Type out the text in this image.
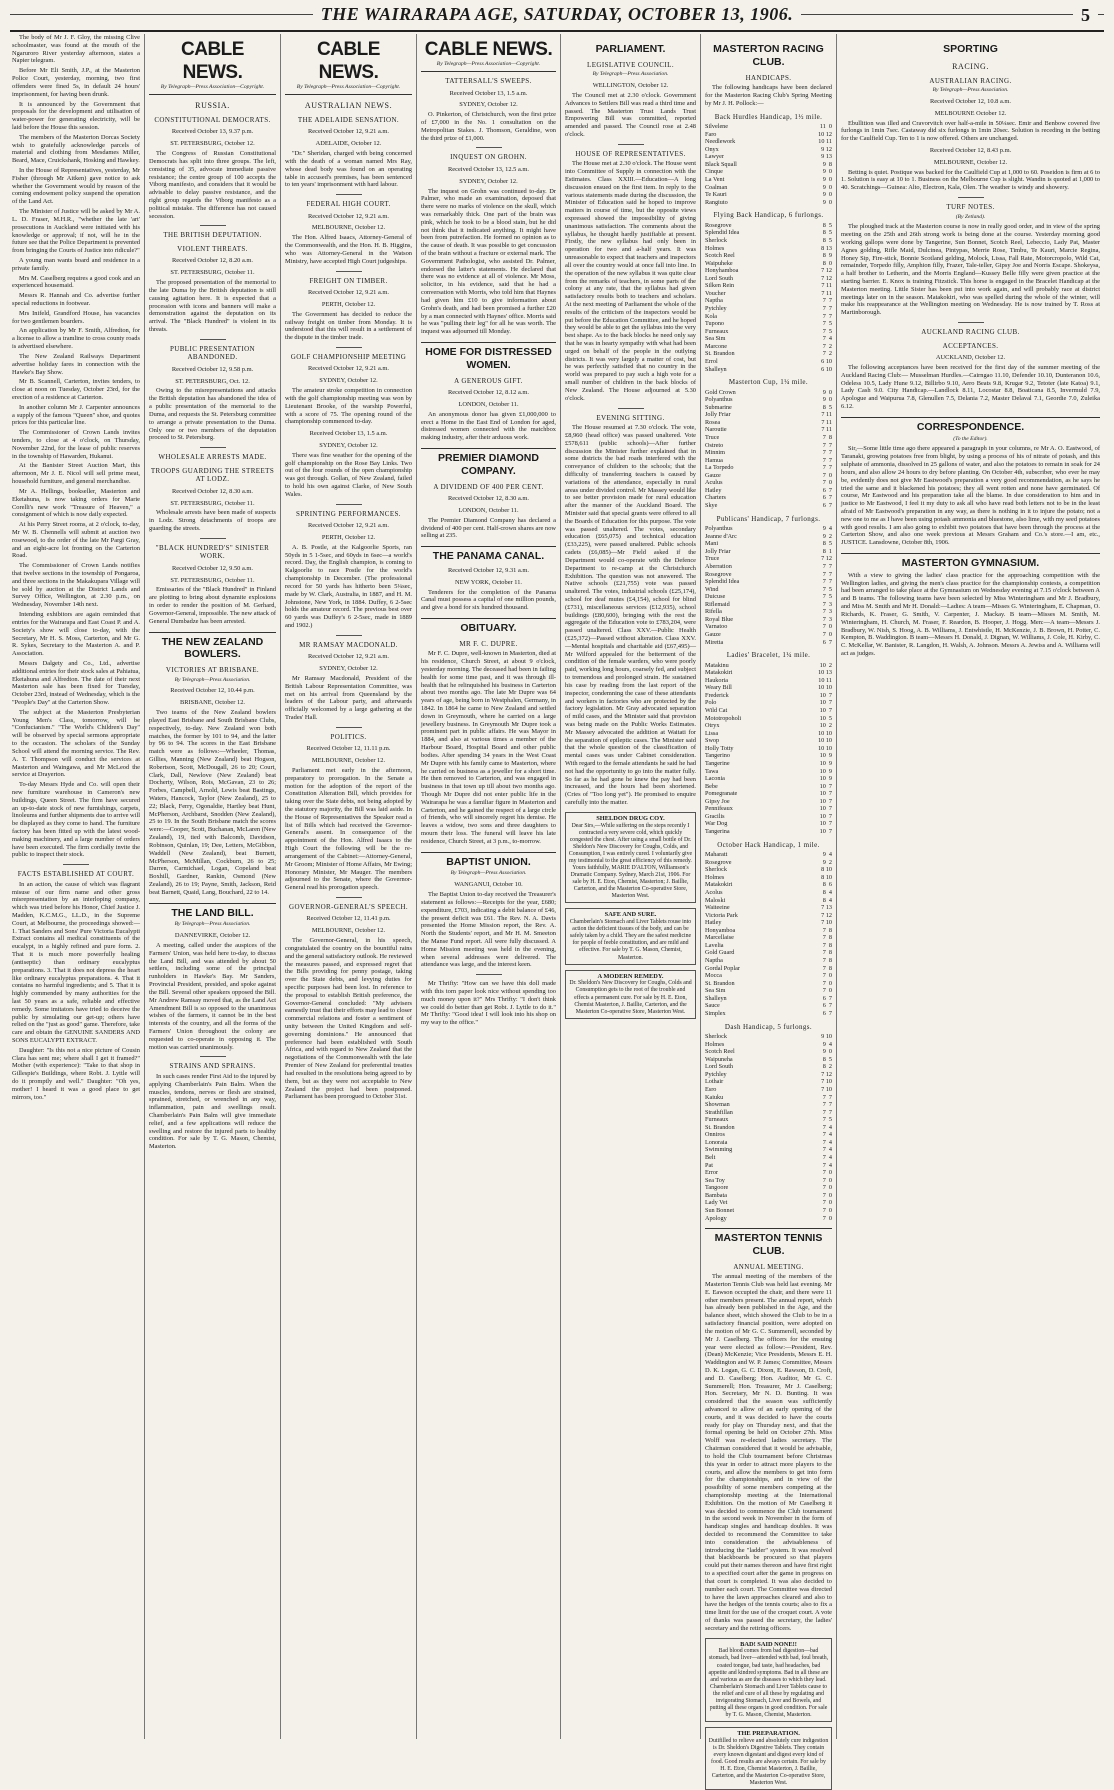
THE WAIRARAPA AGE, SATURDAY, OCTOBER 13, 1906.	5

The body of Mr J. F. Gloy, the missing Clive schoolmaster, was found at the mouth of the Ngaruroro River yesterday afternoon, states a Napier telegram.

Before Mr Eli Smith, J.P., at the Masterton Police Court, yesterday, morning, two first offenders were fined 5s, in default 24 hours' imprisonment, for having been drunk.

It is announced by the Government that proposals for the development and utilisation of water-power for generating electricity, will be laid before the House this session.

The members of the Masterton Dorcas Society wish to gratefully acknowledge parcels of material and clothing from Mesdames Miller, Beard, Mace, Cruickshank, Hosking and Hawkey.

In the House of Representatives, yesterday, Mr Fisher (through Mr Aitken) gave notice to ask whether the Government would by reason of the coming endowment policy suspend the operation of the Land Act.

The Minister of Justice will be asked by Mr A. L. D. Fraser, M.H.R., "whether the late 'art' prosecutions in Auckland were initiated with his knowledge or approval; if not, will he in the future see that the Police Department is prevented from bringing the Courts of Justice into ridicule?"

A young man wants board and residence in a private family.

Mrs M. Caselberg requires a good cook and an experienced housemaid.

Messrs R. Hannah and Co. advertise further special reductions in footwear.

Mrs Inifeld, Grandford House, has vacancies for two gentlemen boarders.

An application by Mr F. Smith, Alfredton, for a license to allow a tramline to cross county roads is advertised elsewhere.

The New Zealand Railways Department advertise holiday fares in connection with the Hawke's Bay Show.

Mr B. Scannell, Carterton, invites tenders, to close at noon on Tuesday, October 23rd, for the erection of a residence at Carterton.

In another column Mr J. Carpenter announces a supply of the famous "Queen" shoe, and quotes prices for this particular line.

The Commissioner of Crown Lands invites tenders, to close at 4 o'clock, on Thursday, November 22nd, for the lease of public reserves in the township of Hawarden, Hukanui.

At the Banister Street Auction Mart, this afternoon, Mr J. E. Nicol will sell prime meat, household furniture, and general merchandise.

Mr A. Hellings, bookseller, Masterton and Eketahuna, is now taking orders for Marie Corelli's new work "Treasure of Heaven," a consignment of which is now daily expected.

At his Perry Street rooms, at 2 o'clock, to-day, Mr W. B. Chennells will submit at auction two rosewood, to the order of the late Mr Pargi Gray, and an eight-acre lot fronting on the Carterton Road.

The Commissioner of Crown Lands notifies that twelve sections in the township of Pongaroa, and three sections in the Makakupara Village will be sold by auction at the District Lands and Survey Office, Wellington, at 2.30 p.m., on Wednesday, November 14th next.

Intending exhibitors are again reminded that entries for the Wairarapa and East Coast P. and A. Society's show will close to-day, with the Secretary, Mr H. S. Moss, Carterton, and Mr G. R. Sykes, Secretary to the Masterton A. and P. Association.

Messrs Dalgety and Co., Ltd., advertise additional entries for their stock sales at Pahiatua, Eketahuna and Alfredton. The date of their next Masterton sale has been fixed for Tuesday, October 23rd, instead of Wednesday, which is the "People's Day" at the Carterton Show.

The subject at the Masterton Presbyterian Young Men's Class, tomorrow, will be "Confucianism." "The World's Children's Day" will be observed by special sermons appropriate to the occasion. The scholars of the Sunday School will attend the morning service. The Rev. A. T. Thompson will conduct the services at Masterton and Waingawa, and Mr McLeod the service at Drayerton.

To-day Messrs Hyde and Co. will open their new furniture warehouse in Cameron's new buildings, Queen Street. The firm have secured an up-to-date stock of new furnishings, carpets, linoleums and further shipments due to arrive will be displayed as they come to hand. The furniture factory has been fitted up with the latest wood-making machinery, and a large number of orders have been executed. The firm cordially invite the public to inspect their stock.

FACTS ESTABLISHED AT COURT.

In an action, the cause of which was flagrant misuse of our firm name and other gross misrepresentation by an interloping company, which was tried before his Honor, Chief Justice J. Madden, K.C.M.G., LL.D., in the Supreme Court, at Melbourne, the proceedings showed:— 1. That Sanders and Sons' Pure Victoria Eucalypti Extract contains all medical constituents of the eucalypt, in a highly refined and pure form. 2. That it is much more powerfully healing (antiseptic) than ordinary eucalyptus preparations. 3. That it does not depress the heart like ordinary eucalyptus preparations. 4. That it contains no harmful ingredients; and 5. That it is highly commended by many authorities for the last 50 years as a safe, reliable and effective remedy. Some imitators have tried to deceive the public by simulating our get-up; others have relied on the "just as good" game. Therefore, take care and obtain the GENUINE SANDERS AND SONS EUCALYPTI EXTRACT.

Daughter: "Is this not a nice picture of Cousin Clara has sent me; where shall I get it framed?" Mother (with experience): "Take to that shop in Gillespie's Buildings, where Robt. J. Lyttle will do it promptly and well." Daughter: "Oh yes, mother! I heard it was a good place to get mirrors, too."

CABLE NEWS.
By Telegraph—Press Association—Copyright.
RUSSIA.
CONSTITUTIONAL DEMOCRATS.
Received October 13, 9.37 p.m.
ST. PETERSBURG, October 12.

The Congress of Russian Constitutional Democrats has split into three groups. The left, consisting of 35, advocate immediate passive resistance; the centre group of 100 accepts the Viborg manifesto, and considers that it would be advisable to delay passive resistance, and the right group regards the Viborg manifesto as a political mistake. The difference has not caused secession.

THE BRITISH DEPUTATION.
VIOLENT THREATS.
Received October 12, 8.20 a.m.
ST. PETERSBURG, October 11.

The proposed presentation of the memorial to the late Duma by the British deputation is still causing agitation here. It is expected that a procession with icons and banners will make a demonstration against the deputation on its arrival. The "Black Hundred" is violent in its threats.

PUBLIC PRESENTATION ABANDONED.
Received October 12, 9.58 p.m.
ST. PETERSBURG, Oct. 12.

Owing to the misrepresentations and attacks the British deputation has abandoned the idea of a public presentation of the memorial to the Duma, and requests the St. Petersburg committee to arrange a private presentation to the Duma. Only one or two members of the deputation proceed to St. Petersburg.

WHOLESALE ARRESTS MADE.
TROOPS GUARDING THE STREETS AT LODZ.
Received October 12, 8.30 a.m.
ST. PETERSBURG, October 11.

Wholesale arrests have been made of suspects in Lodz. Strong detachments of troops are guarding the streets.

"BLACK HUNDRED'S" SINISTER WORK.
Received October 12, 9.50 a.m.
ST. PETERSBURG, October 11.

Emissaries of the "Black Hundred" in Finland are plotting to bring about dynamite explosions in order to render the position of M. Gerhard, Governor-General, impossible. The new attack of General Dumbadze has been arrested.

THE NEW ZEALAND BOWLERS.
VICTORIES AT BRISBANE.
By Telegraph—Press Association.
Received October 12, 10.44 p.m.
BRISBANE, October 12.

Two teams of the New Zealand bowlers played East Brisbane and South Brisbane Clubs, respectively, to-day. New Zealand won both matches, the former by 101 to 94, and the latter by 96 to 94. The scores in the East Brisbane match were as follows:—Wheeler, Thomas, Gillies, Manning (New Zealand) beat Hogson, Robertson, Scott, McDougall, 26 to 20; Court, Clark, Dall, Newlove (New Zealand) beat Docherty, Wilson, Rois, McGavan, 23 to 26; Forbes, Campbell, Arnold, Lewis beat Bastings, Waters, Hancock, Taylor (New Zealand), 25 to 22; Black, Ferry, Ogonaldie, Hartley beat Hunt, McPherson, Archbarst, Snodden (New Zealand), 25 to 19. In the South Brisbane match the scores were:—Cooper, Scott, Buchanan, McLaren (New Zealand), 19, tied with Balcomb, Davidson, Robinson, Quinlan, 19; Dee, Letters, McGibbon, Waddell (New Zealand), beat Burnett, McPherson, McMillan, Cockburn, 26 to 25; Darren, Carmichael, Logan, Copeland beat Boxhill, Gardner, Rankin, Osmond (New Zealand), 26 to 19; Payne, Smith, Jackson, Reid beat Barnett, Quaid, Lang, Bouchard, 22 to 14.

THE LAND BILL.
By Telegraph—Press Association.
DANNEVIRKE, October 12.

A meeting, called under the auspices of the Farmers' Union, was held here to-day, to discuss the Land Bill, and was attended by about 50 settlers, including some of the principal runholders in Hawke's Bay. Mr Sanders, Provincial President, presided, and spoke against the Bill. Several other speakers opposed the Bill. Mr Andrew Ramsay moved that, as the Land Act Amendment Bill is so opposed to the unanimous wishes of the farmers, it cannot be in the best interests of the country, and all the forms of the Farmers' Union throughout the colony are requested to co-operate in opposing it. The motion was carried unanimously.

STRAINS AND SPRAINS.

In such cases render First Aid to the injured by applying Chamberlain's Pain Balm. When the muscles, tendons, nerves or flesh are strained, sprained, stretched, or wrenched in any way, inflammation, pain and swellings result. Chamberlain's Pain Balm will give immediate relief, and a few applications will reduce the swelling and restore the injured parts to healthy condition. For sale by T. G. Mason, Chemist, Masterton.

CABLE NEWS.
By Telegraph—Press Association—Copyright.
AUSTRALIAN NEWS.
THE ADELAIDE SENSATION.
Received October 12, 9.21 a.m.
ADELAIDE, October 12.

"Dr." Sheridan, charged with being concerned with the death of a woman named Mrs Ray, whose dead body was found on an operating table in accused's premises, has been sentenced to ten years' imprisonment with hard labour.

FEDERAL HIGH COURT.
Received October 12, 9.21 a.m.
MELBOURNE, October 12.

The Hon. Alfred Isaacs, Attorney-General of the Commonwealth, and the Hon. H. B. Higgins, who was Attorney-General in the Watson Ministry, have accepted High Court judgeships.

FREIGHT ON TIMBER.
Received October 12, 9.21 a.m.
PERTH, October 12.

The Government has decided to reduce the railway freight on timber from Monday. It is understood that this will result in a settlement of the dispute in the timber trade.

GOLF CHAMPIONSHIP MEETING
Received October 12, 9.21 a.m.
SYDNEY, October 12.

The amateur stroke competition in connection with the golf championship meeting was won by Lieutenant Brooke, of the warship Powerful, with a score of 75. The opening round of the championship commenced to-day.

Received October 13, 1.5 a.m.
SYDNEY, October 12.

There was fine weather for the opening of the golf championship on the Rose Bay Links. Two out of the four rounds of the open championship was got through. Gollan, of New Zealand, failed to hold his own against Clarke, of New South Wales.

SPRINTING PERFORMANCES.
Received October 12, 9.21 a.m.
PERTH, October 12.

A. B. Postle, at the Kalgoorlie Sports, ran 50yds in 5 1-5sec, and 60yds in 6sec—a world's record. Day, the English champion, is coming to Kalgoorlie to race Postle for the world's championship in December. (The professional record for 50 yards has hitherto been 5¼sec, made by W. Clark, Australia, in 1887, and H. M. Johnstone, New York, in 1884. Duffey, 6 2-5sec holds the amateur record. The previous best over 60 yards was Duffey's 6 2-5sec, made in 1889 and 1902.)

MR RAMSAY MACDONALD.
Received October 12, 9.21 a.m.
SYDNEY, October 12.

Mr Ramsay Macdonald, President of the British Labour Representation Committee, was met on his arrival from Queensland by the leaders of the Labour party, and afterwards officially welcomed by a large gathering at the Trades' Hall.

POLITICS.
Received October 12, 11.11 p.m.
MELBOURNE, October 12.

Parliament met early in the afternoon, preparatory to prorogation. In the Senate a motion for the adoption of the report of the Constitution Alteration Bill, which provides for taking over the State debts, not being adopted by the statutory majority, the Bill was laid aside. In the House of Representatives the Speaker read a list of Bills which had received the Governor-General's assent. In consequence of the appointment of the Hon. Alfred Isaacs to the High Court the following will be the re-arrangement of the Cabinet:—Attorney-General, Mr Groom; Minister of Home Affairs, Mr Ewing; Honorary Minister, Mr Mauger. The members adjourned to the Senate, where the Governor-General read his prorogation speech.

GOVERNOR-GENERAL'S SPEECH.
Received October 12, 11.41 p.m.
MELBOURNE, October 12.

The Governor-General, in his speech, congratulated the country on the bountiful rains and the general satisfactory outlook. He reviewed the measures passed, and expressed regret that the Bills providing for penny postage, taking over the State debts, and levying duties for specific purposes had been lost. In reference to the proposal to establish British preference, the Governor-General concluded: "My advisers earnestly trust that their efforts may lead to closer commercial relations and foster a sentiment of unity between the United Kingdom and self-governing dominions." He announced that preference had been established with South Africa, and with regard to New Zealand that the negotiations of the Commonwealth with the late Premier of New Zealand for preferential treaties had resulted in the resolutions being agreed to by them, but as they were not acceptable to New Zealand the project had been postponed. Parliament has been prorogued to October 31st.

CABLE NEWS.
By Telegraph—Press Association—Copyright.
TATTERSALL'S SWEEPS.
Received October 13, 1.5 a.m.
SYDNEY, October 12.

O. Pinkerton, of Christchurch, won the first prize of £7,000 in the No. 1 consultation on the Metropolitan Stakes. J. Thomson, Geraldine, won the third prize of £1,000.

INQUEST ON GROHN.
Received October 13, 12.5 a.m.
SYDNEY, October 12.

The inquest on Grohn was continued to-day. Dr Palmer, who made an examination, deposed that there were no marks of violence on the skull, which was remarkably thick. One part of the brain was pink, which he took to be a blood stain, but he did not think that it indicated anything. It might have been from putrefaction. He formed no opinion as to the cause of death. It was possible to get concussion of the brain without a fracture or external mark. The Government Pathologist, who assisted Dr. Palmer, endorsed the latter's statements. He declared that there was no evidence at all of violence. Mr Moss, solicitor, in his evidence, said that he had a conversation with Morris, who told him that Haynes had given him £10 to give information about Grohn's death, and had been promised a further £20 by a man connected with Haynes' office. Morris said he was "pulling their leg" for all he was worth. The inquest was adjourned till Monday.

HOME FOR DISTRESSED WOMEN.
A GENEROUS GIFT.
Received October 12, 8.12 a.m.
LONDON, October 11.

An anonymous donor has given £1,000,000 to erect a Home in the East End of London for aged, distressed women connected with the matchbox making industry, after their arduous work.

PREMIER DIAMOND COMPANY.
A DIVIDEND OF 400 PER CENT.
Received October 12, 8.30 a.m.
LONDON, October 11.

The Premier Diamond Company has declared a dividend of 400 per cent. Half-crown shares are now selling at 235.

THE PANAMA CANAL.
Received October 12, 9.31 a.m.
NEW YORK, October 11.

Tenderers for the completion of the Panama Canal must possess a capital of one million pounds, and give a bond for six hundred thousand.

OBITUARY.
MR F. C. DUPRE.

Mr F. C. Dupre, well-known in Masterton, died at his residence, Church Street, at about 9 o'clock, yesterday morning. The deceased had been in failing health for some time past, and it was through ill-health that he relinquished his business in Carterton about two months ago. The late Mr Dupre was 64 years of age, being born in Westphalen, Germany, in 1842. In 1864 he came to New Zealand and settled down in Greymouth, where he carried on a large jewellery business. In Greymouth Mr Dupre took a prominent part in public affairs. He was Mayor in 1884, and also at various times a member of the Harbour Board, Hospital Board and other public bodies. After spending 34 years in the West Coast Mr Dupre with his family came to Masterton, where he carried on business as a jeweller for a short time. He then removed to Carterton, and was engaged in business in that town up till about two months ago. Though Mr Dupre did not enter public life in the Wairarapa he was a familiar figure in Masterton and Carterton, and he gained the respect of a large circle of friends, who will sincerely regret his demise. He leaves a widow, two sons and three daughters to mourn their loss. The funeral will leave his late residence, Church Street, at 3 p.m., to-morrow.

BAPTIST UNION.
By Telegraph—Press Association.
WANGANUI, October 10.

The Baptist Union to-day received the Treasurer's statement as follows:—Receipts for the year, £680; expenditure, £703, indicating a debit balance of £46, the present deficit was £61. The Rev. N. A. Davis presented the Home Mission report, the Rev. A. North the Students' report, and Mr H. M. Smeeton the Manse Fund report. All were fully discussed. A Home Mission meeting was held in the evening, when several addresses were delivered. The attendance was large, and the interest keen.

Mr Thrifty: "How can we have this doll made with this torn paper look nice without spending too much money upon it?" Mrs Thrifty: "I don't think we could do better than get Robt. J. Lyttle to do it." Mr Thrifty: "Good idea! I will look into his shop on my way to the office."

PARLIAMENT.
LEGISLATIVE COUNCIL.
By Telegraph—Press Association.
WELLINGTON, October 12.

The Council met at 2.30 o'clock. Government Advances to Settlers Bill was read a third time and passed. The Masterton Trust Lands Trust Empowering Bill was committed, reported amended and passed. The Council rose at 2.48 o'clock.

HOUSE OF REPRESENTATIVES.

The House met at 2.30 o'clock. The House went into Committee of Supply in connection with the Estimates. Class XXIII.—Education—A long discussion ensued on the first item. In reply to the various statements made during the discussion, the Minister of Education said he hoped to improve matters in course of time, but the opposite views expressed showed the impossibility of giving unanimous satisfaction. The comments about the syllabus, he thought hardly justifiable at present. Firstly, the new syllabus had only been in operation for two and a-half years. It was unreasonable to expect that teachers and inspectors all over the country would at once fall into line. In the operation of the new syllabus it was quite clear from the remarks of teachers, in some parts of the colony at any rate, that the syllabus had given satisfactory results both to teachers and scholars. At the next meeting of Parliament the whole of the results of the criticism of the inspectors would be put before the Education Committee, and he hoped they would be able to get the syllabus into the very best shape. As to the back blocks he need only say that he was in hearty sympathy with what had been urged on behalf of the people in the outlying districts. It was very largely a matter of cost, but he was perfectly satisfied that no country in the world was prepared to pay such a high vote for a small number of children in the back blocks of New Zealand. The House adjourned at 5.30 o'clock.

EVENING SITTING.

The House resumed at 7.30 o'clock. The vote, £8,960 (head office) was passed unaltered. Vote £578,611 (public schools)—After further discussion the Minister further explained that in some districts the bad roads interfered with the conveyance of children to the schools; that the difficulty of transferring teachers is caused by variations of the attendance, especially in rural areas under divided control. Mr Massey would like to see better provision made for rural education after the manner of the Auckland Board. The Minister said that special grants were offered to all the Boards of Education for this purpose. The vote was passed unaltered. The votes, secondary education (£65,075) and technical education (£33,225), were passed unaltered. Public schools cadets (£6,085)—Mr Field asked if the Department would co-operate with the Defence Department to re-camp at the Christchurch Exhibition. The question was not answered. The Native schools (£21,755) vote was passed unaltered. The votes, industrial schools (£25,174), school for deaf mutes (£4,154), school for blind (£731), miscellaneous services (£12,935), school buildings (£80,600), bringing with the rest the aggregate of the Education vote to £783,204, were passed unaltered. Class XXV.—Public Health (£25,372)—Passed without alteration. Class XXV.—Mental hospitals and charitable aid (£67,495)—Mr Wilford appealed for the betterment of the condition of the female warders, who were poorly paid, working long hours, coarsely fed, and subject to tremendous and prolonged strain. He sustained his case by reading from the last report of the inspector, condemning the case of these attendants and workers in factories who are protected by the factory legislation. Mr Gray advocated separation of mild cases, and the Minister said that provision was being made on the Public Works Estimates. Mr Massey advocated the addition at Waitati for the separation of epileptic cases. The Minister said that the whole question of the classification of mental cases was under Cabinet consideration. With regard to the female attendants he said he had not had the opportunity to go into the matter fully. So far as he had gone he knew the pay had been increased, and the hours had been shortened. (Cries of "Too long yet"). He promised to enquire carefully into the matter.

SHELDON DRUG COY.
Dear Sirs,—While suffering on the steps recently I contracted a very severe cold, which quickly congested the chest. After using a small bottle of Dr. Sheldon's New Discovery for Coughs, Colds, and Consumption, I was entirely cured. I voluntarily give my testimonial to the great efficiency of this remedy. Yours faithfully, MARIE D'ALTON, Williamson's Dramatic Company. Sydney, March 21st, 1906. For sale by H. E. Eton, Chemist, Masterton; J. Baillie, Carterton, and the Masterton Co-operative Store, Masterton West.
SAFE AND SURE.
Chamberlain's Stomach and Liver Tablets rouse into action the deficient tissues of the body, and can be safely taken by a child. They are the safest medicine for people of feeble constitution, and are mild and effective. For sale by T. G. Mason, Chemist, Masterton.
A MODERN REMEDY.
Dr. Sheldon's New Discovery for Coughs, Colds and Consumption gets to the root of the trouble and effects a permanent cure. For sale by H. E. Eton, Chemist Masterton, J. Baillie, Carterton, and the Masterton Co-operative Store, Masterton West.
MASTERTON RACING CLUB.
HANDICAPS.

The following handicaps have been declared for the Masterton Racing Club's Spring Meeting by Mr J. H. Pollock:—

Back Hurdles Handicap, 1½ mile.
Silvelene	11  0
Faro	10 12
Needlework	10 11
Onyx	9 12
Lawyer	9 13
Black Squall	9  8
Cinque	9  0
La Vent	9  0
Coalman	9  0
Te Kauri	9  0
Rangiuto	9  0
Flying Back Handicap, 6 furlongs.
Rosegrove	8  5
Splendid Idea	8  5
Sherlock	8  5
Holmes	8 13
Scotch Reel	8  9
Waipuheke	8  0
Honyhamboa	7 12
Lord South	7 12
Silken Rein	7 11
Voucher	7 11
Naptha	7  7
Pytchley	7  7
Kola	7  7
Tupono	7  5
Furneaux	7  5
Sea Sim	7  4
Marcone	7  2
St. Brandon	7  2
Errol	6 10
Shalleyn	6 10
Masterton Cup, 1¼ mile.
Gold Crown	9  0
Polyanthus	9  0
Submarine	8  5
Jolly Friar	7 11
Rosea	7 11
Naroutie	7 11
Truce	7  8
Ostreto	7  7
Minnim	7  7
Hamua	7  7
La Torpedo	7  7
Gauze	7  0
Aculus	7  0
Hatley	6  7
Charters	6  7
Skye	6  7
Publicans' Handicap, 7 furlongs.
Polyanthus	9  4
Jeanne d'Arc	9  2
Mani	8  5
Jolly Friar	8  1
Truce	7 12
Aberration	7  7
Rosegrove	7  7
Splendid Idea	7  7
Wind	7  5
Duicuse	7  5
Riflemaid	7  3
Rifella	7  3
Royal Blue	7  3
Varnatoo	7  0
Gauze	7  0
Miretta	6  7
Ladies' Bracelet, 1¼ mile.
Matakinu	10  2
Matakokiri	10 13
Haukoria	10 11
Weary Bill	10 10
Frederick	10  7
Polo	10  7
Wild Cat	10  7
Mototropoholi	10  5
Otryx	10  2
Lissa	10 10
Swop	10 10
Holly Totty	10 10
Tangerino	10  9
Tangerine	10  9
Tawa	10  9
Laconia	10  9
Bebe	10  7
Pomegranate	10  7
Gipsy Joe	10  7
Pennifeaux	10  7
Gracilis	10  7
War Dog	10  7
Tangerina	10  7
October Hack Handicap, 1 mile.
Maharatt	9  4
Rosegrove	9  2
Sherlock	8 10
Holmes	8 10
Matakokiri	8  6
Acolus	8  4
Maloski	8  4
Waiteeine	7 13
Victoria Park	7 12
Hatley	7 10
Honyamboa	7  8
Marcellaise	7  8
Lavelia	7  8
Gold Guard	7  8
Naptha	7  8
Gordal Poplar	7  8
Mocca	7  0
St. Brandon	7  0
Sea Sim	7  0
Shalleyn	6  7
Sauce	6  7
Simplex	6  7
Dash Handicap, 5 furlongs.
Sherlock	9 10
Holmes	9  4
Scotch Reel	9  0
Waipuneha	8  5
Lord South	8  2
Pytchley	7 12
Lothair	7 10
Esro	7 10
Kaiuku	7  7
Showman	7  7
Strathfillan	7  7
Furneaux	7  5
St. Brandon	7  4
Onniros	7  4
Lonoraia	7  4
Swimming	7  4
Belt	7  4
Pat	7  4
Error	7  0
Sea Toy	7  0
Tangoore	7  0
Bambata	7  0
Lady Vet	7  0
Sun Bonnet	7  0
Apology	7  0
MASTERTON TENNIS CLUB.
ANNUAL MEETING.

The annual meeting of the members of the Masterton Tennis Club was held last evening. Mr E. Eawson occupied the chair, and there were 11 other members present. The annual report, which has already been published in the Age, and the balance sheet, which showed the Club to be in a satisfactory financial position, were adopted on the motion of Mr G. C. Summerell, seconded by Mr J. Caselberg. The officers for the ensuing year were elected as follow:—President, Rev. (Dean) McKenzie; Vice Presidents, Messrs E. H. Waddington and W. P. James; Committee, Messrs D. K. Logan, G. C. Dixon, E. Rawson, D. Croft, and D. Caselberg; Hon. Auditor, Mr G. C. Summerell; Hon. Treasurer, Mr J. Caselberg; Hon. Secretary, Mr N. D. Bunting. It was considered that the season was sufficiently advanced to allow of an early opening of the courts, and it was decided to have the courts ready for play on Thursday next, and that the formal opening be held on October 27th. Miss Wolff was re-elected ladies secretary. The Chairman considered that it would be advisable, to hold the Club tournament before Christmas this year in order to attract more players to the courts, and allow the members to get into form for the championships, and in view of the possibility of some members competing at the championship meeting at the International Exhibition. On the motion of Mr Caselberg it was decided to commence the Club tournament in the second week in November in the form of handicap singles and handicap doubles. It was decided to recommend the Committee to take into consideration the advisableness of introducing the "ladder" system. It was resolved that blackboards be procured so that players could put their names thereon and have first right to a specified court after the game in progress on that court is completed. It was also decided to number each court. The Committee was directed to have the lawn approaches cleared and also to have the hedges of the tennis courts; also to fix a time limit for the use of the croquet court. A vote of thanks was passed the secretary, the ladies' secretary and the retiring officers.

BAD! SAID NONE!!
Bad blood comes from bad digestion—bad stomach, bad liver—attended with bad, foul breath, coated tongue, bad taste, bad headaches, bad appetite and kindred symptoms. Bad in all these are and various as are the diseases to which they lead. Chamberlain's Stomach and Liver Tablets cause to the relief and cure of all these by regulating and invigorating Stomach, Liver and Bowels, and putting all these organs in good condition. For sale by T. G. Mason, Chemist, Masterton.
THE PREPARATION.
Dutifilled to relieve and absolutely cure indigestion is Dr. Sheldon's Digestive Tablets. They contain every known digestant and digest every kind of food. Good results are always certain. For sale by H. E. Eton, Chemist Masterton, J. Baillie, Carterton, and the Masterton Co-operative Store, Masterton West.
SPORTING
RACING.
AUSTRALIAN RACING.
By Telegraph—Press Association.
Received October 12, 10.8 a.m.
MELBOURNE October 12.

Ebullition was illed and Cravorvitch over half-a-mile in 50¼sec. Emir and Benbow covered five furlongs in 1min 7sec. Castaway did six furlongs in 1min 20sec. Solution is receding in the betting for the Caulfield Cup. Ten to 1 is now offered. Others are unchanged.

Received October 12, 8.43 p.m.
MELBOURNE, October 12.

Betting is quiet. Postique was backed for the Caulfield Cup at 1,000 to 60. Poseidon is firm at 6 to 1. Solution is easy at 10 to 1. Business on the Melbourne Cup is slight. Wandin is quoted at 1,000 to 40. Scratchings—Guinea: Alto, Electron, Kala, Olen. The weather is windy and showery.

TURF NOTES.
(By Zetland).

The ploughed track at the Masterton course is now in really good order, and in view of the spring meeting on the 25th and 26th strong work is being done at the course. Yesterday morning good working gallops were done by Tangerine, Sun Bonnet, Scotch Reel, Lebeccio, Lady Pat, Master Agnes golding, Rifle Maid, Dulcinea, Pintypas, Merrie Rose, Timbu, Te Kauri, Marcie Regina, Honey Sip, Fire-stick, Bonnie Scotland gelding, Molock, Lissa, Fall Rate, Motorcropolo, Wild Cat, remainder, Torpedo filly, Amphion filly, Frazer, Tale-teller, Gipsy Joe and Norris Escape. Shokeysa, a half brother to Letherin, and the Morris England—Kussey Belle filly were given practice at the starting barrier. E. Knox is training Fitzstick. This horse is engaged in the Bracelet Handicap at the Masterton meeting. Little Sister has been put into work again, and will probably race at district meetings later on in the season. Matakokiri, who was spelled during the whole of the winter, will make his reappearance at the Wellington meeting on Wednesday. He is now trained by T. Ross at Martinborough.

AUCKLAND RACING CLUB.
ACCEPTANCES.
AUCKLAND, October 12.

The following acceptances have been received for the first day of the summer meeting of the Auckland Racing Club:— Musselman Hurdles.—Cairngao 11.10, Defender 10.10, Dunteranon 10.6, Odeless 10.5, Lady Hune 9.12, Billirbo 9.10, Aero Beats 9.8, Krugar 9.2, Tetoter (late Katoa) 9.1, Lady Cash 9.0. City Handicap.—Landlock 8.11, Locostar 8.8, Boaticana 8.5, Invermuld 7.9, Apologue and Waipurua 7.8, Glenullen 7.5, Delania 7.2, Master Delaval 7.1, Geordie 7.0, Zuleika 6.12.

CORRESPONDENCE.
(To the Editor).

Sir,—Some little time ago there appeared a paragraph in your columns, re Mr A. O. Eastwood, of Taranaki, growing potatoes free from blight, by using a process of his of nitrate of potash, and this sulphate of ammonia, dissolved in 25 gallons of water, and also the potatoes to remain in soak for 24 hours, and also allow 24 hours to dry before planting. On October 4th, subscriber, who ever he may be, evidently does not give Mr Eastwood's preparation a very good recommendation, as he says he tried the same and it blackened his potatoes; they all went rotten and none have germinated. Of course, Mr Eastwood and his preparation take all the blame. In due consideration to him and in justice to Mr Eastwood, I feel it my duty to ask all who have read both letters not to be in the least afraid of Mr Eastwood's preparation in any way, as there is nothing in it to injure the potato; not a new one to me as I have been using potash ammonia and bluestone, also lime, with my seed potatoes with good results. I am also going to exhibit two potatoes that have been through the process at the Carterton Show, and also one week previous at Messrs Graham and Co.'s store.—I am, etc., JUSTICE. Lansdowne, October 8th, 1906.

MASTERTON GYMNASIUM.

With a view to giving the ladies' class practice for the approaching competition with the Wellington ladies, and giving the men's class practice for the championship contests, a competition had been arranged to take place at the Gymnasium on Wednesday evening at 7.15 o'clock between A and B teams. The following teams have been selected by Miss Winteringham and Mr J. Bradbury, and Miss M. Smith and Mr H. Donald:—Ladies: A team—Misses G. Winteringham, E. Chapman, O. Richards, K. Fraser, G. Smith, V. Carpenter, J. Mackay. B team—Misses M. Smith, M. Winteringham, H. Church, M. Fraser, F. Reardon, B. Hooper, J. Hogg. Men:—A team—Messrs J. Bradbury, W. Nish, S. Hoog, A. B. Williams, J. Entwhistle, H. McKenzie, J. B. Brown, H. Potter, C. Kempton, B. Waddington. B team—Messrs H. Donald, J. Dignan, W. Williams, J. Cole, H. Kirby, C. C. McKellar, W. Banister, R. Langdon, H. Walsh, A. Johnson. Messrs A. Jewiss and A. Williams will act as judges.
